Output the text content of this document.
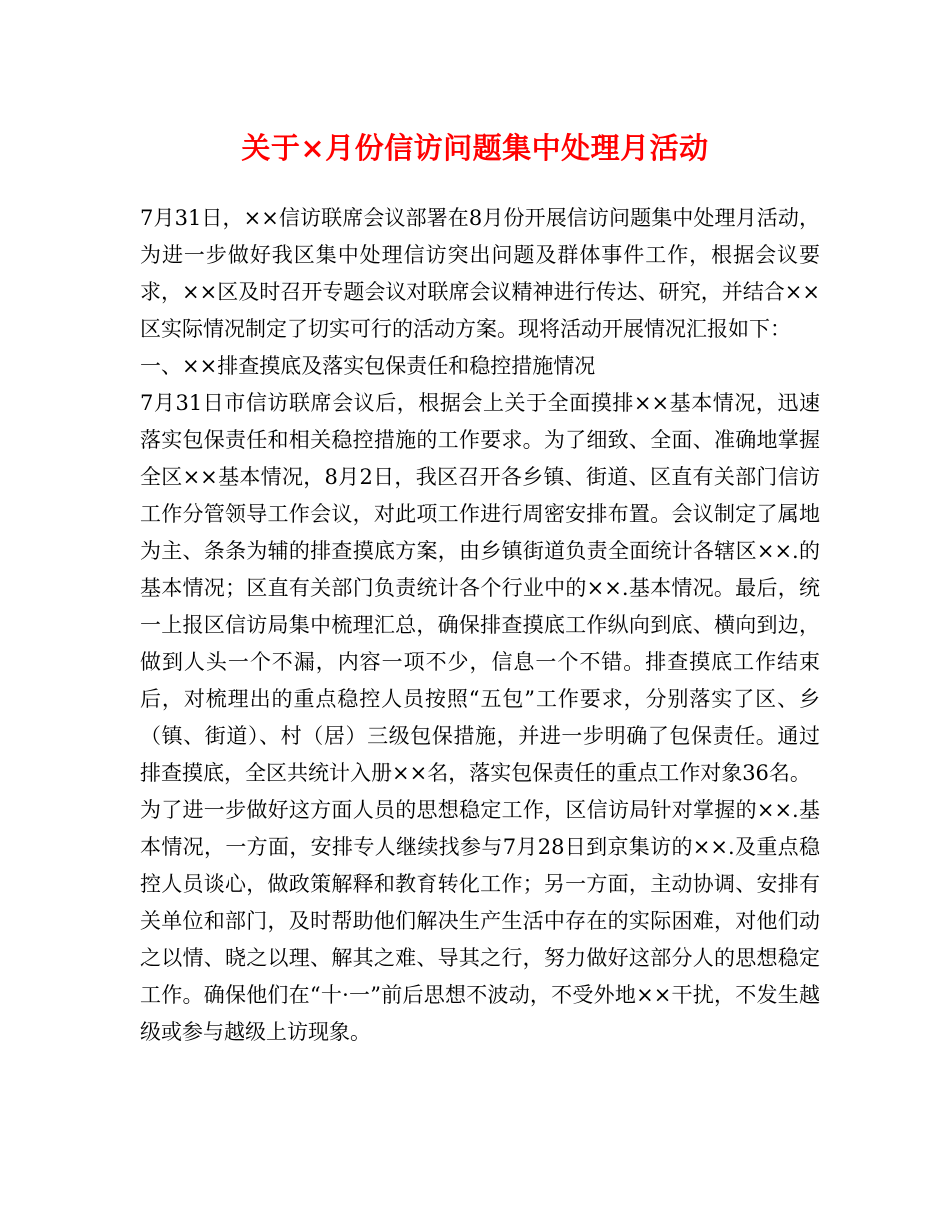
关于×月份信访问题集中处理月活动

7月31日，××信访联席会议部署在8月份开展信访问题集中处理月活动，为进一步做好我区集中处理信访突出问题及群体事件工作，根据会议要求，××区及时召开专题会议对联席会议精神进行传达、研究，并结合××区实际情况制定了切实可行的活动方案。现将活动开展情况汇报如下：

一、××排查摸底及落实包保责任和稳控措施情况

7月31日市信访联席会议后，根据会上关于全面摸排××基本情况，迅速落实包保责任和相关稳控措施的工作要求。为了细致、全面、准确地掌握全区××基本情况，8月2日，我区召开各乡镇、街道、区直有关部门信访工作分管领导工作会议，对此项工作进行周密安排布置。会议制定了属地为主、条条为辅的排查摸底方案，由乡镇街道负责全面统计各辖区××.的基本情况；区直有关部门负责统计各个行业中的××.基本情况。最后，统一上报区信访局集中梳理汇总，确保排查摸底工作纵向到底、横向到边，做到人头一个不漏，内容一项不少，信息一个不错。排查摸底工作结束后，对梳理出的重点稳控人员按照“五包”工作要求，分别落实了区、乡（镇、街道）、村（居）三级包保措施，并进一步明确了包保责任。通过排查摸底，全区共统计入册××名，落实包保责任的重点工作对象36名。

为了进一步做好这方面人员的思想稳定工作，区信访局针对掌握的××.基本情况，一方面，安排专人继续找参与7月28日到京集访的××.及重点稳控人员谈心，做政策解释和教育转化工作；另一方面，主动协调、安排有关单位和部门，及时帮助他们解决生产生活中存在的实际困难，对他们动之以情、晓之以理、解其之难、导其之行，努力做好这部分人的思想稳定工作。确保他们在“十·一”前后思想不波动，不受外地××干扰，不发生越级或参与越级上访现象。
